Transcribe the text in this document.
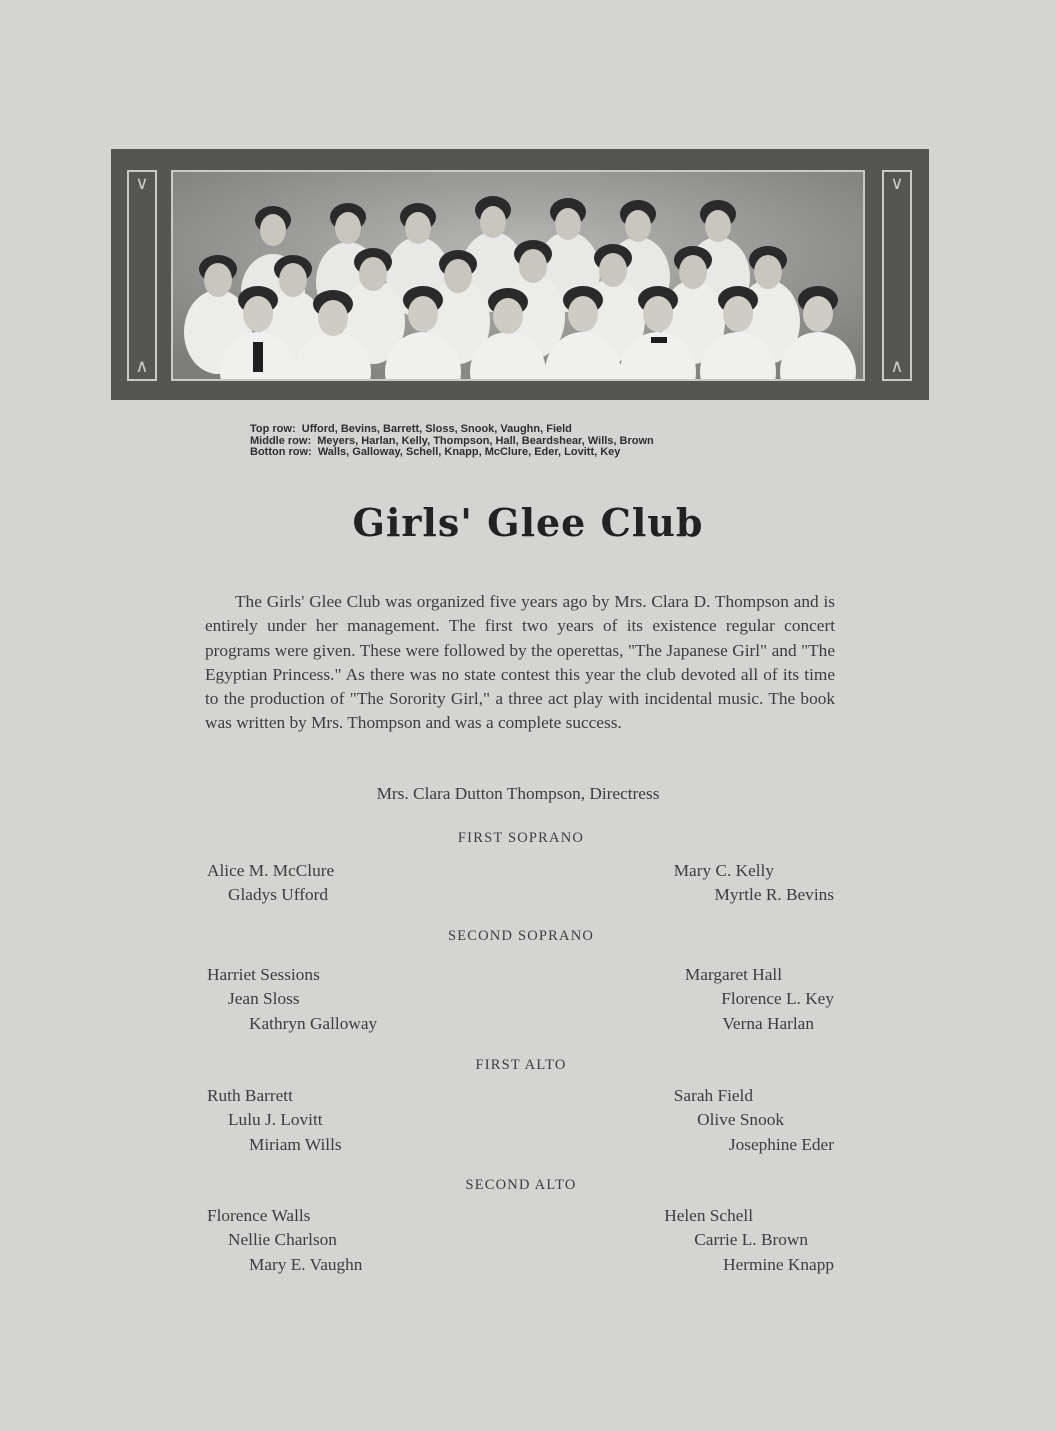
∨
∧
∨
∧
Top row: Ufford, Bevins, Barrett, Sloss, Snook, Vaughn, Field
Middle row: Meyers, Harlan, Kelly, Thompson, Hall, Beardshear, Wills, Brown
Botton row: Walls, Galloway, Schell, Knapp, McClure, Eder, Lovitt, Key
Girls' Glee Club

The Girls' Glee Club was organized five years ago by Mrs. Clara D. Thompson and is entirely under her management. The first two years of its existence regular concert programs were given. These were followed by the operettas, "The Japanese Girl" and "The Egyptian Princess." As there was no state contest this year the club devoted all of its time to the production of "The Sorority Girl," a three act play with incidental music. The book was written by Mrs. Thompson and was a complete success.

Mrs. Clara Dutton Thompson, Directress
FIRST SOPRANO
Alice M. McClure
Gladys Ufford
Mary C. Kelly
Myrtle R. Bevins
SECOND SOPRANO
Harriet Sessions
Jean Sloss
Kathryn Galloway
Margaret Hall
Florence L. Key
Verna Harlan
FIRST ALTO
Ruth Barrett
Lulu J. Lovitt
Miriam Wills
Sarah Field
Olive Snook
Josephine Eder
SECOND ALTO
Florence Walls
Nellie Charlson
Mary E. Vaughn
Helen Schell
Carrie L. Brown
Hermine Knapp
